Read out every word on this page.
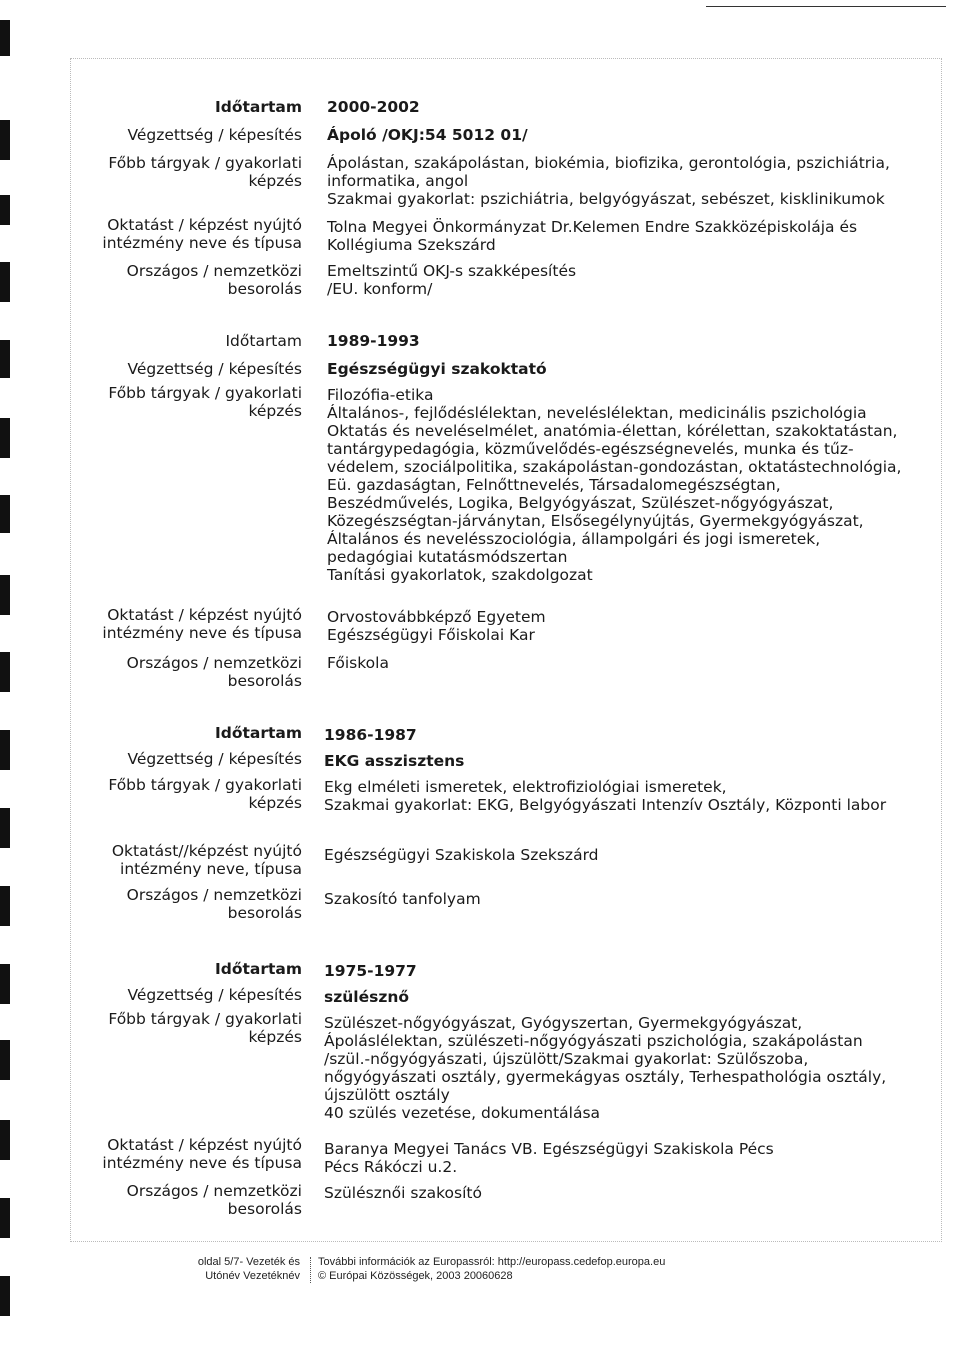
Időtartam 2000-2002
Végzettség / képesítés Ápoló /OKJ:54 5012 01/
Főbb tárgyak / gyakorlati
képzés
Ápolástan, szakápolástan, biokémia, biofizika, gerontológia, pszichiátria,
informatika, angol
Szakmai gyakorlat: pszichiátria, belgyógyászat, sebészet, kisklinikumok
Oktatást / képzést nyújtó
intézmény neve és típusa
Tolna Megyei Önkormányzat Dr.Kelemen Endre Szakközépiskolája és
Kollégiuma Szekszárd
Országos / nemzetközi
besorolás
Emeltszintű OKJ-s szakképesítés
/EU. konform/
Időtartam 1989-1993
Végzettség / képesítés Egészségügyi szakoktató
Főbb tárgyak / gyakorlati
képzés
Filozófia-etika
Általános-, fejlődéslélektan, neveléslélektan, medicinális pszichológia
Oktatás és neveléselmélet, anatómia-élettan, kórélettan, szakoktatástan,
tantárgypedagógia, közművelődés-egészségnevelés, munka és tűz-
védelem, szociálpolitika, szakápolástan-gondozástan, oktatástechnológia,
Eü. gazdaságtan, Felnőttnevelés, Társadalomegészségtan,
Beszédművelés, Logika, Belgyógyászat, Szülészet-nőgyógyászat,
Közegészségtan-járványtan, Elsősegélynyújtás, Gyermekgyógyászat,
Általános és nevelésszociológia, állampolgári és jogi ismeretek,
pedagógiai kutatásmódszertan
Tanítási gyakorlatok, szakdolgozat
Oktatást / képzést nyújtó
intézmény neve és típusa
Orvostovábbképző Egyetem
Egészségügyi Főiskolai Kar
Országos / nemzetközi
besorolás
Főiskola
Időtartam 1986-1987
Végzettség / képesítés EKG asszisztens
Főbb tárgyak / gyakorlati
képzés
Ekg elméleti ismeretek, elektrofiziológiai ismeretek,
Szakmai gyakorlat: EKG, Belgyógyászati Intenzív Osztály, Központi labor
Oktatást//képzést nyújtó
intézmény neve, típusa
Egészségügyi Szakiskola Szekszárd
Országos / nemzetközi
besorolás
Szakosító tanfolyam
Időtartam 1975-1977
Végzettség / képesítés szülésznő
Főbb tárgyak / gyakorlati
képzés
Szülészet-nőgyógyászat, Gyógyszertan, Gyermekgyógyászat,
Ápoláslélektan, szülészeti-nőgyógyászati pszichológia, szakápolástan
/szül.-nőgyógyászati, újszülött/Szakmai gyakorlat: Szülőszoba,
nőgyógyászati osztály, gyermekágyas osztály, Terhespathológia osztály,
újszülött osztály
40 szülés vezetése, dokumentálása
Oktatást / képzést nyújtó
intézmény neve és típusa
Baranya Megyei Tanács VB. Egészségügyi Szakiskola Pécs
Pécs Rákóczi u.2.
Országos / nemzetközi
besorolás
Szülésznői szakosító
oldal 5/7- Vezeték és
Utónév Vezetéknév
További információk az Europassról: http://europass.cedefop.europa.eu
© Európai Közösségek, 2003 20060628
